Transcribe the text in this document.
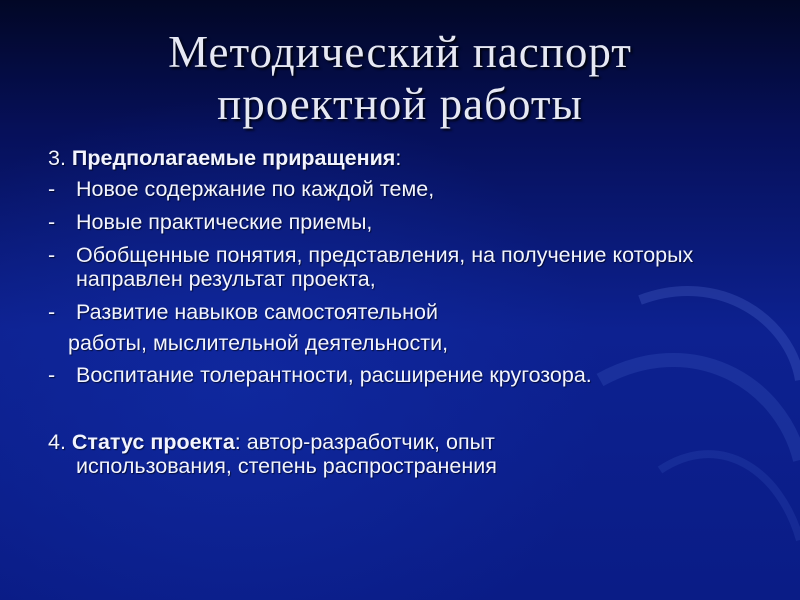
Методический паспорт
проектной работы
3. Предполагаемые приращения:
- Новое содержание по каждой теме,
- Новые практические приемы,
- Обобщенные понятия, представления, на получение которых направлен результат проекта,
- Развитие навыков самостоятельной
работы, мыслительной деятельности,
- Воспитание толерантности, расширение кругозора.
4. Статус проекта: автор-разработчик, опыт
использования, степень распространения
